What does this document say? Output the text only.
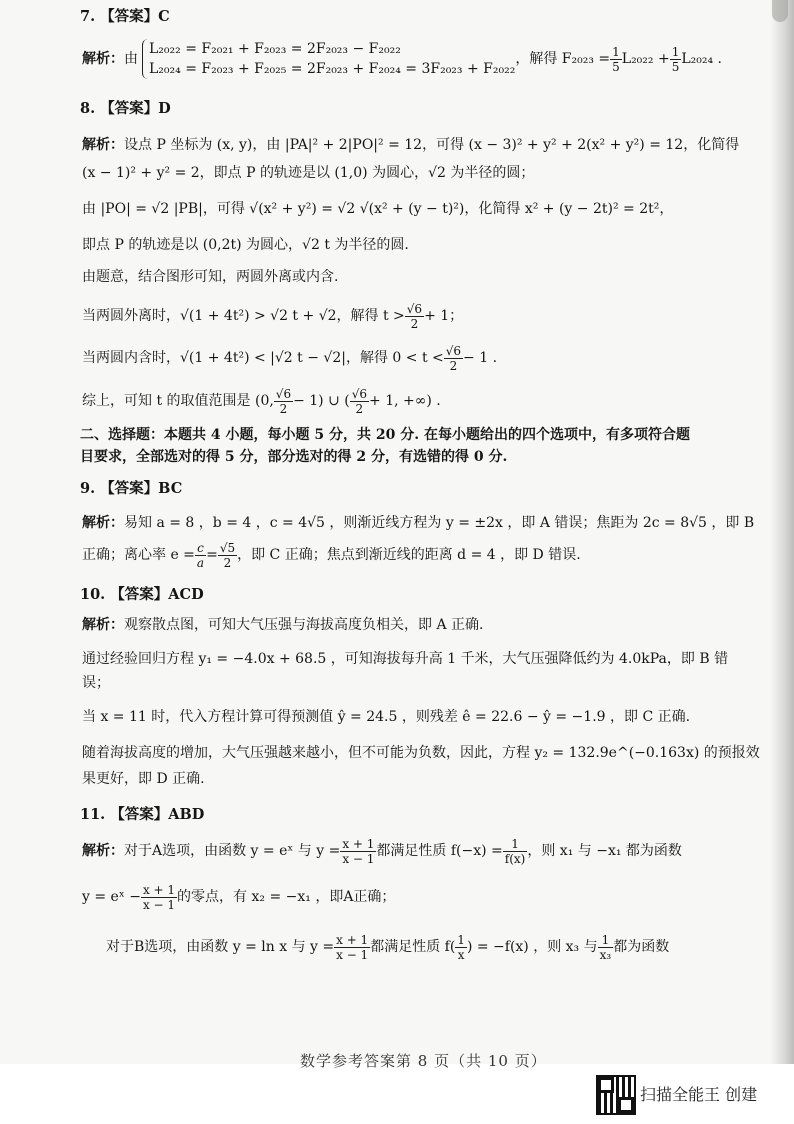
7. 【答案】C
解析： 由
L₂₀₂₂ = F₂₀₂₁ + F₂₀₂₃ = 2F₂₀₂₃ − F₂₀₂₂
L₂₀₂₄ = F₂₀₂₃ + F₂₀₂₅ = 2F₂₀₂₃ + F₂₀₂₄ = 3F₂₀₂₃ + F₂₀₂₂
，解得 $F_{2023} = \frac{1}{5} L_{2022} + \frac{1}{5} L_{2024}$ .
8. 【答案】D
解析：设点 P 坐标为 (x, y)，由 |PA|² + 2|PO|² = 12，可得 (x − 3)² + y² + 2(x² + y²) = 12，化简得
(x − 1)² + y² = 2，即点 P 的轨迹是以 (1,0) 为圆心，√2 为半径的圆；
由 |PO| = √2 |PB|，可得 √(x² + y²) = √2 √(x² + (y − t)²)，化简得 x² + (y − 2t)² = 2t²，
即点 P 的轨迹是以 (0,2t) 为圆心，√2 t 为半径的圆.
由题意，结合图形可知，两圆外离或内含.
当两圆外离时，√(1 + 4t²) > √2 t + √2，解得 $t > \frac{√6}{2} + 1$；
当两圆内含时，√(1 + 4t²) < |√2 t − √2|，解得 $0 < t < \frac{√6}{2} - 1$ .
综上，可知 t 的取值范围是 (0, $\frac{√6}{2} - 1$) ∪ ( $\frac{√6}{2} + 1$, +∞) .
二、选择题：本题共 4 小题，每小题 5 分，共 20 分. 在每小题给出的四个选项中，有多项符合题
目要求，全部选对的得 5 分，部分选对的得 2 分，有选错的得 0 分.
9. 【答案】BC
解析：易知 a = 8 ，b = 4 ，c = 4√5 ，则渐近线方程为 y = ±2x ，即 A 错误；焦距为 2c = 8√5 ，即 B
正确；离心率 $e = \frac{c}{a} = \frac{√5}{2}$ ，即 C 正确；焦点到渐近线的距离 d = 4 ，即 D 错误.
10. 【答案】ACD
解析：观察散点图，可知大气压强与海拔高度负相关，即 A 正确.
通过经验回归方程 y₁ = −4.0x + 68.5 ，可知海拔每升高 1 千米，大气压强降低约为 4.0kPa，即 B 错
误；
当 x = 11 时，代入方程计算可得预测值 ŷ = 24.5 ，则残差 ê = 22.6 − ŷ = −1.9 ，即 C 正确.
随着海拔高度的增加，大气压强越来越小，但不可能为负数，因此，方程 y₂ = 132.9e^(−0.163x) 的预报效
果更好，即 D 正确.
11. 【答案】ABD
解析： 对于A选项，由函数 y = eˣ 与 $y = \frac{x + 1}{x - 1}$ 都满足性质 $f(-x) = \frac{1}{f(x)}$ ，则 x₁ 与 −x₁ 都为函数
y = eˣ − $\frac{x + 1}{x - 1}$ 的零点，有 x₂ = −x₁ ，即A正确；
对于B选项，由函数 y = ln x 与 $y = \frac{x + 1}{x - 1}$ 都满足性质 $f( \frac{1}{x}$ ) = −f(x) ，则 x₃ 与 $\frac{1}{\text{x₃}}$ 都为函数
数学参考答案第 8 页（共 10 页）
扫描全能王 创建
